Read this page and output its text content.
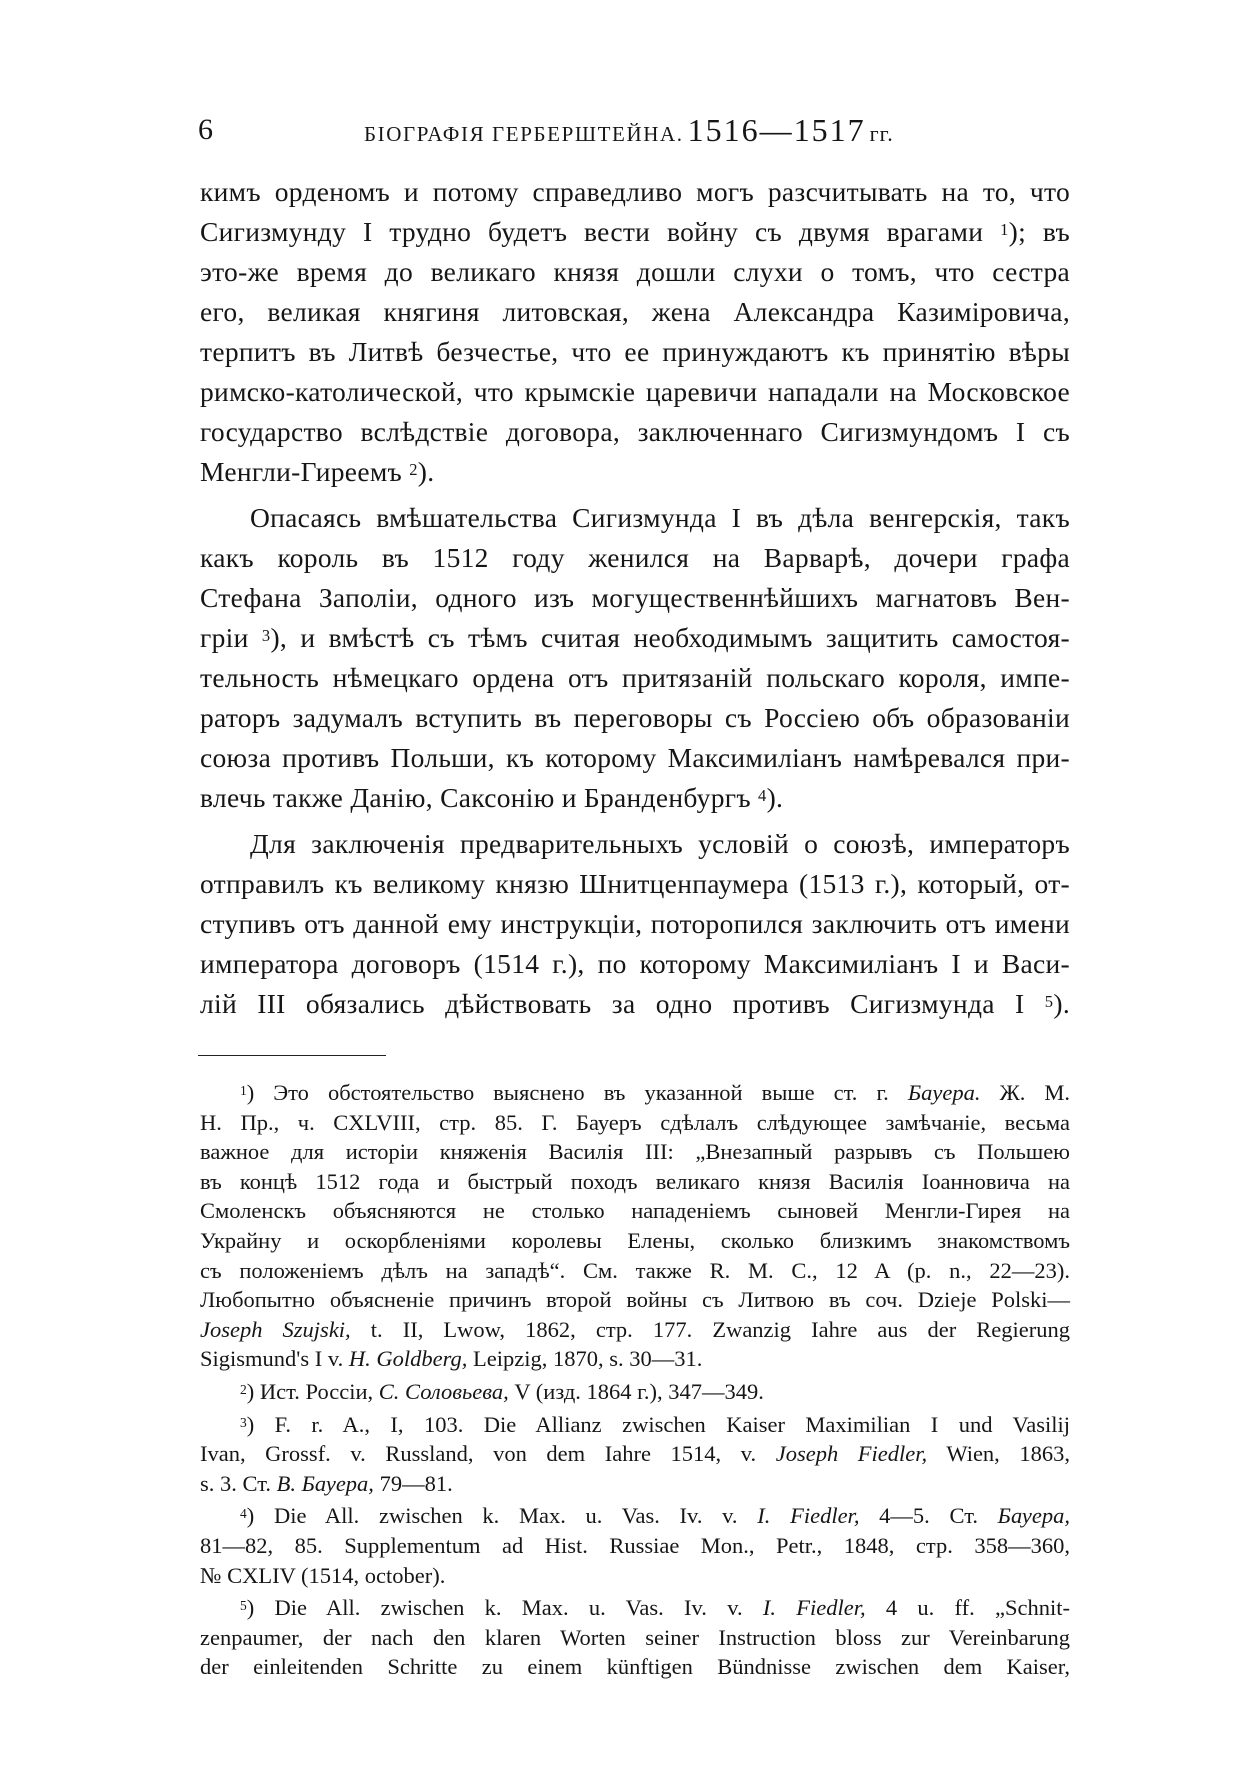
6	БІОГРАФІЯ ГЕРБЕРШТЕЙНА. 1516—1517 гг.
кимъ орденомъ и потому справедливо могъ разсчитывать на то, что
Сигизмунду I трудно будетъ вести войну съ двумя врагами $^1$); въ
это-же время до великаго князя дошли слухи о томъ, что сестра
его, великая княгиня литовская, жена Александра Казиміровича,
терпитъ въ Литвѣ безчестье, что ее принуждаютъ къ принятію вѣры
римско-католической, что крымскіе царевичи нападали на Московское
государство вслѣдствіе договора, заключеннаго Сигизмундомъ I съ
Менгли-Гиреемъ $^2$).
Опасаясь вмѣшательства Сигизмунда I въ дѣла венгерскія, такъ
какъ король въ 1512 году женился на Варварѣ, дочери графа
Стефана Заполіи, одного изъ могущественнѣйшихъ магнатовъ Вен-
гріи $^3$), и вмѣстѣ съ тѣмъ считая необходимымъ защитить самостоя-
тельность нѣмецкаго ордена отъ притязаній польскаго короля, импе-
раторъ задумалъ вступить въ переговоры съ Россіею объ образованіи
союза противъ Польши, къ которому Максимиліанъ намѣревался при-
влечь также Данію, Саксонію и Бранденбургъ $^4$).
Для заключенія предварительныхъ условій о союзѣ, императоръ
отправилъ къ великому князю Шнитценпаумера (1513 г.), который, от-
ступивъ отъ данной ему инструкціи, поторопился заключить отъ имени
императора договоръ (1514 г.), по которому Максимиліанъ I и Васи-
лій III обязались дѣйствовать за одно противъ Сигизмунда I $^5$).
$^1$) Это обстоятельство выяснено въ указанной выше ст. г. Баyepa. Ж. М.
Н. Пр., ч. CXLVIII, стр. 85. Г. Бауеръ сдѣлалъ слѣдующее замѣчаніе, весьма
важное для исторіи княженія Василія III: „Внезапный разрывъ съ Польшею
въ концѣ 1512 года и быстрый походъ великаго князя Василія Іоанновича на
Смоленскъ объясняются не столько нападеніемъ сыновей Менгли-Гирея на
Украйну и оскорбленіями королевы Елены, сколько близкимъ знакомствомъ
съ положеніемъ дѣлъ на западѣ“. См. также R. M. C., 12 A (p. n., 22—23).
Любопытно объясненіе причинъ второй войны съ Литвою въ соч. Dzieje Polski—
Joseph Szujski, t. II, Lwow, 1862, стр. 177. Zwanzig Iahre aus der Regierung
Sigismund's I v. H. Goldberg, Leipzig, 1870, s. 30—31.
$^2$) Ист. Россіи, С. Соловьева, V (изд. 1864 г.), 347—349.
$^3$) F. r. A., I, 103. Die Allianz zwischen Kaiser Maximilian I und Vasilij
Ivan, Grossf. v. Russland, von dem Iahre 1514, v. Joseph Fiedler, Wien, 1863,
s. 3. Ст. В. Бауера, 79—81.
$^4$) Die All. zwischen k. Max. u. Vas. Iv. v. I. Fiedler, 4—5. Ст. Бауера,
81—82, 85. Supplementum ad Hist. Russiae Mon., Petr., 1848, стр. 358—360,
№ CXLIV (1514, october).
$^5$) Die All. zwischen k. Max. u. Vas. Iv. v. I. Fiedler, 4 u. ff. „Schnit-
zenpaumer, der nach den klaren Worten seiner Instruction bloss zur Vereinbarung
der einleitenden Schritte zu einem künftigen Bündnisse zwischen dem Kaiser,
